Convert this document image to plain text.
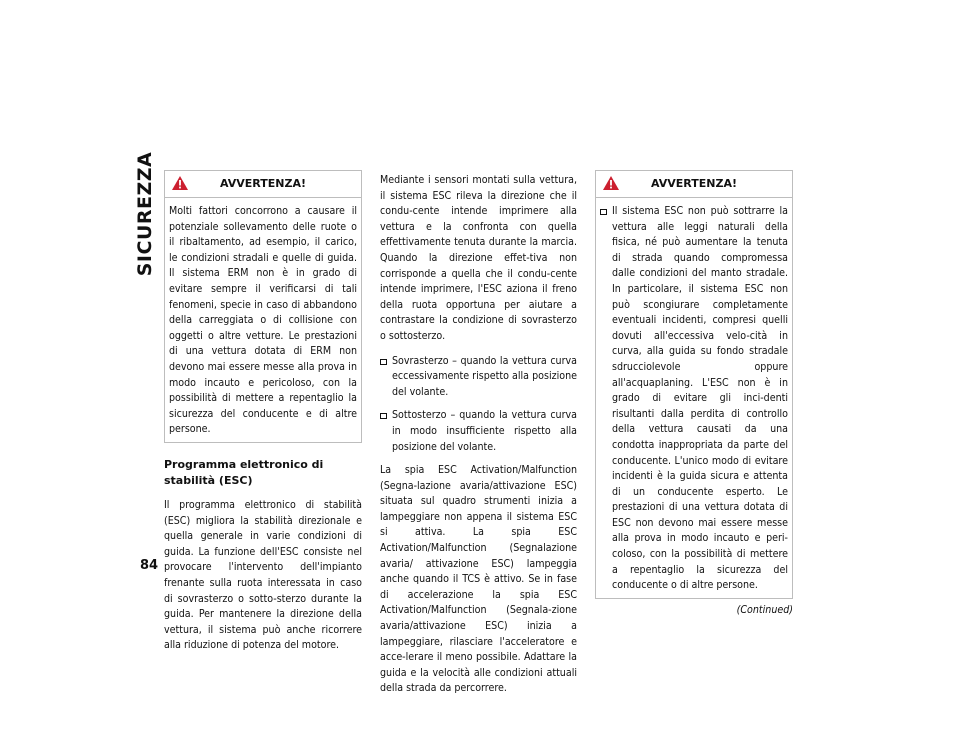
SICUREZZA
84
AVVERTENZA!

Molti fattori concorrono a causare il potenziale sollevamento delle ruote o il ribaltamento, ad esempio, il carico, le condizioni stradali e quelle di guida. Il sistema ERM non è in grado di evitare sempre il verificarsi di tali fenomeni, specie in caso di abbandono della carreggiata o di collisione con oggetti o altre vetture. Le prestazioni di una vettura dotata di ERM non devono mai essere messe alla prova in modo incauto e pericoloso, con la possibilità di mettere a repentaglio la sicurezza del conducente e di altre persone.

Programma elettronico di stabilità (ESC)

Il programma elettronico di stabilità (ESC) migliora la stabilità direzionale e quella generale in varie condizioni di guida. La funzione dell'ESC consiste nel provocare l'intervento dell'impianto frenante sulla ruota interessata in caso di sovrasterzo o sotto-sterzo durante la guida. Per mantenere la direzione della vettura, il sistema può anche ricorrere alla riduzione di potenza del motore.

Mediante i sensori montati sulla vettura, il sistema ESC rileva la direzione che il condu-cente intende imprimere alla vettura e la confronta con quella effettivamente tenuta durante la marcia. Quando la direzione effet-tiva non corrisponde a quella che il condu-cente intende imprimere, l'ESC aziona il freno della ruota opportuna per aiutare a contrastare la condizione di sovrasterzo o sottosterzo.

Sovrasterzo – quando la vettura curva eccessivamente rispetto alla posizione del volante.
Sottosterzo – quando la vettura curva in modo insufficiente rispetto alla posizione del volante.

La spia ESC Activation/Malfunction (Segna-lazione avaria/attivazione ESC) situata sul quadro strumenti inizia a lampeggiare non appena il sistema ESC si attiva. La spia ESC Activation/Malfunction (Segnalazione avaria/ attivazione ESC) lampeggia anche quando il TCS è attivo. Se in fase di accelerazione la spia ESC Activation/Malfunction (Segnala-zione avaria/attivazione ESC) inizia a lampeggiare, rilasciare l'acceleratore e acce-lerare il meno possibile. Adattare la guida e la velocità alle condizioni attuali della strada da percorrere.

AVVERTENZA!
Il sistema ESC non può sottrarre la vettura alle leggi naturali della fisica, né può aumentare la tenuta di strada quando compromessa dalle condizioni del manto stradale. In particolare, il sistema ESC non può scongiurare completamente eventuali incidenti, compresi quelli dovuti all'eccessiva velo-cità in curva, alla guida su fondo stradale sdrucciolevole oppure all'acquaplaning. L'ESC non è in grado di evitare gli inci-denti risultanti dalla perdita di controllo della vettura causati da una condotta inappropriata da parte del conducente. L'unico modo di evitare incidenti è la guida sicura e attenta di un conducente esperto. Le prestazioni di una vettura dotata di ESC non devono mai essere messe alla prova in modo incauto e peri-coloso, con la possibilità di mettere a repentaglio la sicurezza del conducente o di altre persone.
(Continued)
